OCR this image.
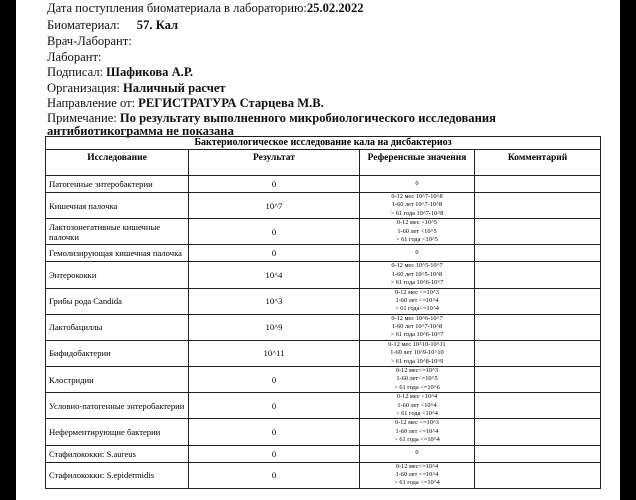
Дата поступления биоматериала в лабораторию:25.02.2022
Биоматериал: 57. Кал
Врач-Лаборант:
Лаборант:
Подписал: Шафикова А.Р.
Организация: Наличный расчет
Направление от: РЕГИСТРАТУРА Старцева М.В.
Примечание: По результату выполненного микробиологического исследования
антибиотикограмма не показана
Бактериологическое исследование кала на дисбактериоз			
Исследование	Результат	Референсные значения	Комментарий
Патогенные энтеробактерии	0	0	

Кишечная палочка	10^7	0-12 мес 10^7-10^8
1-60 лет 10^7-10^8
> 61 года 10^7-10^8	

Лактозонегативные кишечные палочки	0	0-12 мес <10^5
1-60 лет <10^5
> 61 года <10^5	

Гемолизирующая кишечная палочка	0	0	

Энтерококки	10^4	0-12 мес 10^5-10^7
1-60 лет 10^5-10^8
> 61 года 10^6-10^7	

Грибы рода Candida	10^3	0-12 мес <=10^3
1-60 лет <=10^4
> 61 года<=10^4	

Лактобациллы	10^9	0-12 мес 10^6-10^7
1-60 лет 10^7-10^8
> 61 года 10^6-10^7	

Бифидобактерии	10^11	0-12 мес 10^10-10^11
1-60 лет 10^9-10^10
> 61 года 10^8-10^9	

Клостридии	0	0-12 мес<=10^3
1-60 лет<=10^5
> 61 года <=10^6	

Условно-патогенные энтеробактерии	0	0-12 мес <10^4
1-60 лет <10^4
> 61 года <10^4	

Неферментирующие бактерии	0	0-12 мес <=10^3
1-60 лет <=10^4
> 61 года <=10^4	

Стафилококки: S.aureus	0	0	

Стафилококки: S.epidermidis	0	0-12 мес<=10^4
1-60 лет <=10^4
> 61 года <=10^4	
